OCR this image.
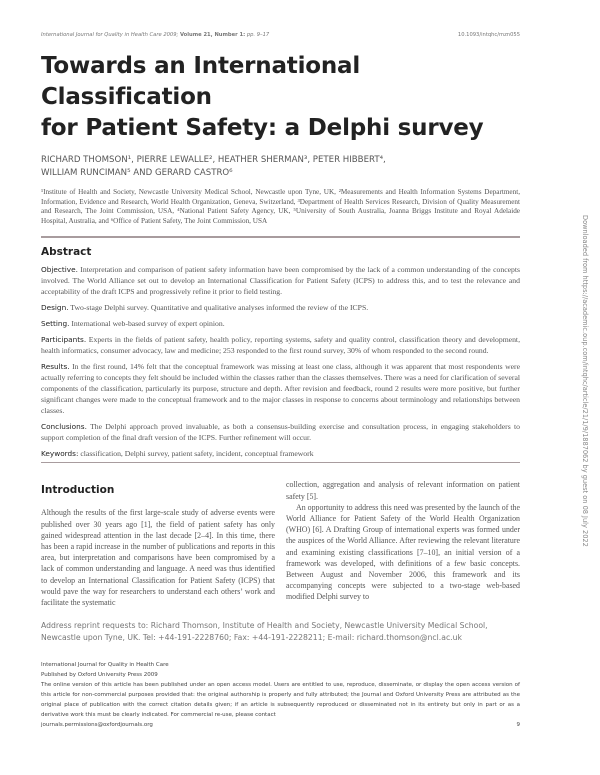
International Journal for Quality in Health Care 2009; Volume 21, Number 1: pp. 9–17	10.1093/intqhc/mzn055
Towards an International Classification
for Patient Safety: a Delphi survey
RICHARD THOMSON¹, PIERRE LEWALLE², HEATHER SHERMAN³, PETER HIBBERT⁴,
WILLIAM RUNCIMAN⁵ AND GERARD CASTRO⁶
¹Institute of Health and Society, Newcastle University Medical School, Newcastle upon Tyne, UK, ²Measurements and Health Information Systems Department, Information, Evidence and Research, World Health Organization, Geneva, Switzerland, ³Department of Health Services Research, Division of Quality Measurement and Research, The Joint Commission, USA, ⁴National Patient Safety Agency, UK, ⁵University of South Australia, Joanna Briggs Institute and Royal Adelaide Hospital, Australia, and ⁶Office of Patient Safety, The Joint Commission, USA
Abstract

Objective. Interpretation and comparison of patient safety information have been compromised by the lack of a common understanding of the concepts involved. The World Alliance set out to develop an International Classification for Patient Safety (ICPS) to address this, and to test the relevance and acceptability of the draft ICPS and progressively refine it prior to field testing.

Design. Two-stage Delphi survey. Quantitative and qualitative analyses informed the review of the ICPS.

Setting. International web-based survey of expert opinion.

Participants. Experts in the fields of patient safety, health policy, reporting systems, safety and quality control, classification theory and development, health informatics, consumer advocacy, law and medicine; 253 responded to the first round survey, 30% of whom responded to the second round.

Results. In the first round, 14% felt that the conceptual framework was missing at least one class, although it was apparent that most respondents were actually referring to concepts they felt should be included within the classes rather than the classes themselves. There was a need for clarification of several components of the classification, particularly its purpose, structure and depth. After revision and feedback, round 2 results were more positive, but further significant changes were made to the conceptual framework and to the major classes in response to concerns about terminology and relationships between classes.

Conclusions. The Delphi approach proved invaluable, as both a consensus-building exercise and consultation process, in engaging stakeholders to support completion of the final draft version of the ICPS. Further refinement will occur.

Keywords: classification, Delphi survey, patient safety, incident, conceptual framework

Introduction

Although the results of the first large-scale study of adverse events were published over 30 years ago [1], the field of patient safety has only gained widespread attention in the last decade [2–4]. In this time, there has been a rapid increase in the number of publications and reports in this area, but interpretation and comparisons have been compromised by a lack of common understanding and language. A need was thus identified to develop an International Classification for Patient Safety (ICPS) that would pave the way for researchers to understand each others’ work and facilitate the systematic

collection, aggregation and analysis of relevant information on patient safety [5].

An opportunity to address this need was presented by the launch of the World Alliance for Patient Safety of the World Health Organization (WHO) [6]. A Drafting Group of international experts was formed under the auspices of the World Alliance. After reviewing the relevant literature and examining existing classifications [7–10], an initial version of a framework was developed, with definitions of a few basic concepts. Between August and November 2006, this framework and its accompanying concepts were subjected to a two-stage web-based modified Delphi survey to

Address reprint requests to: Richard Thomson, Institute of Health and Society, Newcastle University Medical School,
Newcastle upon Tyne, UK. Tel: +44-191-2228760; Fax: +44-191-2228211; E-mail: richard.thomson@ncl.ac.uk
International Journal for Quality in Health Care
Published by Oxford University Press 2009
The online version of this article has been published under an open access model. Users are entitled to use, reproduce, disseminate, or display the open access version of this article for non-commercial purposes provided that: the original authorship is properly and fully attributed; the Journal and Oxford University Press are attributed as the original place of publication with the correct citation details given; if an article is subsequently reproduced or disseminated not in its entirety but only in part or as a derivative work this must be clearly indicated. For commercial re-use, please contact
journals.permissions@oxfordjournals.org	9
Downloaded from https://academic.oup.com/intqhc/article/21/1/9/1887062 by guest on 08 July 2022
